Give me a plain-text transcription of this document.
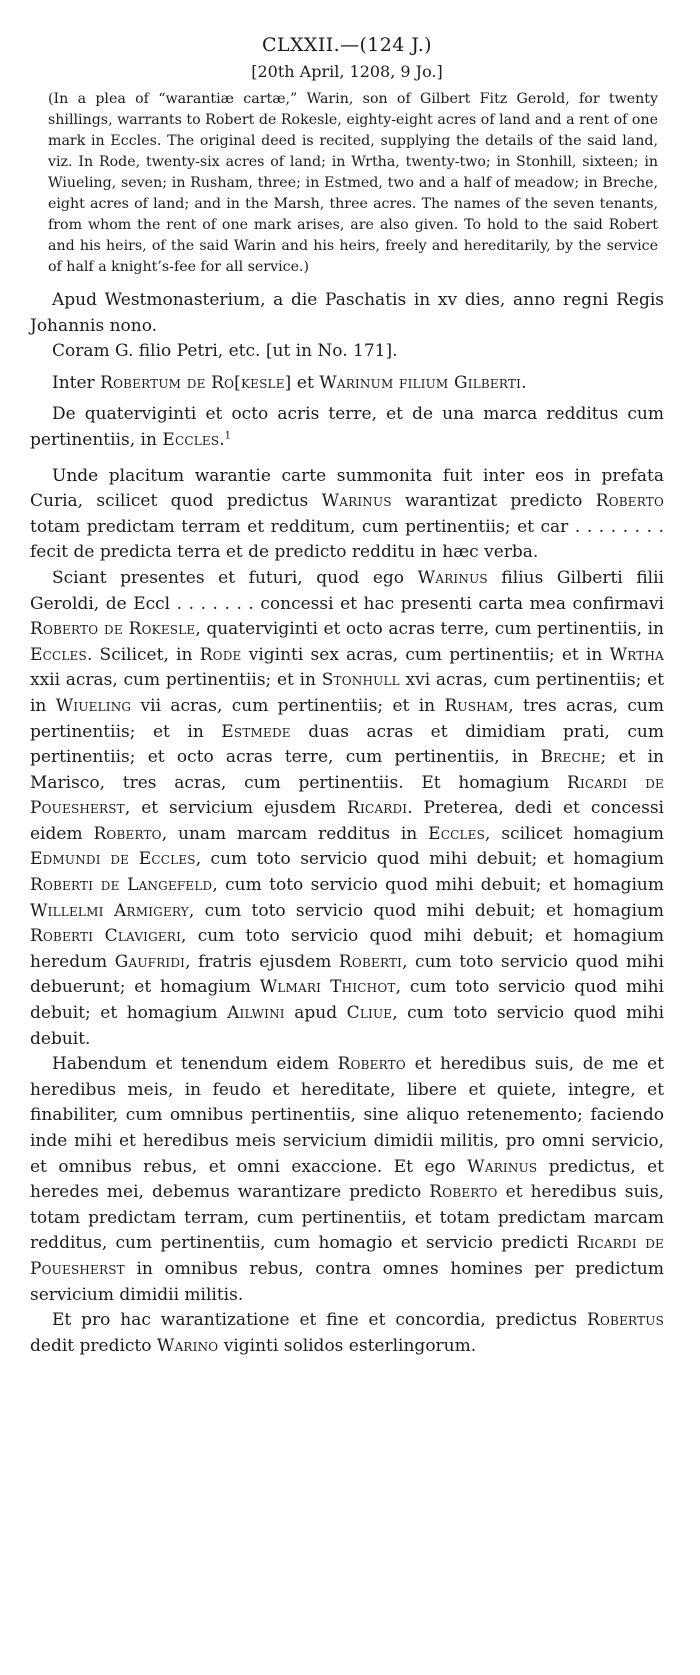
CLXXII.—(124 J.)
[20th April, 1208, 9 Jo.]

(In a plea of “warantiæ cartæ,” Warin, son of Gilbert Fitz Gerold, for twenty shillings, warrants to Robert de Rokesle, eighty-eight acres of land and a rent of one mark in Eccles. The original deed is recited, supplying the details of the said land, viz. In Rode, twenty-six acres of land; in Wrtha, twenty-two; in Stonhill, sixteen; in Wiueling, seven; in Rusham, three; in Estmed, two and a half of meadow; in Breche, eight acres of land; and in the Marsh, three acres. The names of the seven tenants, from whom the rent of one mark arises, are also given. To hold to the said Robert and his heirs, of the said Warin and his heirs, freely and hereditarily, by the service of half a knight’s-fee for all service.)

Apud Westmonasterium, a die Paschatis in xv dies, anno regni Regis Johannis nono.

Coram G. filio Petri, etc. [ut in No. 171].

Inter Robertum de Ro[kesle] et Warinum filium Gilberti.

De quaterviginti et octo acris terre, et de una marca redditus cum pertinentiis, in Eccles.$^1$

Unde placitum warantie carte summonita fuit inter eos in prefata Curia, scilicet quod predictus Warinus warantizat predicto Roberto totam predictam terram et redditum, cum pertinentiis; et car . . . . . . . . fecit de predicta terra et de predicto redditu in hæc verba.

Sciant presentes et futuri, quod ego Warinus filius Gilberti filii Geroldi, de Eccl . . . . . . . concessi et hac presenti carta mea confirmavi Roberto de Rokesle, quaterviginti et octo acras terre, cum pertinentiis, in Eccles. Scilicet, in Rode viginti sex acras, cum pertinentiis; et in Wrtha xxii acras, cum pertinentiis; et in Stonhull xvi acras, cum pertinentiis; et in Wiueling vii acras, cum pertinentiis; et in Rusham, tres acras, cum pertinentiis; et in Estmede duas acras et dimidiam prati, cum pertinentiis; et octo acras terre, cum pertinentiis, in Breche; et in Marisco, tres acras, cum pertinentiis. Et homagium Ricardi de Pouesherst, et servicium ejusdem Ricardi. Preterea, dedi et concessi eidem Roberto, unam marcam redditus in Eccles, scilicet homagium Edmundi de Eccles, cum toto servicio quod mihi debuit; et homagium Roberti de Langefeld, cum toto servicio quod mihi debuit; et homagium Willelmi Armigery, cum toto servicio quod mihi debuit; et homagium Roberti Clavigeri, cum toto servicio quod mihi debuit; et homagium heredum Gaufridi, fratris ejusdem Roberti, cum toto servicio quod mihi debuerunt; et homagium Wlmari Thichot, cum toto servicio quod mihi debuit; et homagium Ailwini apud Cliue, cum toto servicio quod mihi debuit.

Habendum et tenendum eidem Roberto et heredibus suis, de me et heredibus meis, in feudo et hereditate, libere et quiete, integre, et finabiliter, cum omnibus pertinentiis, sine aliquo retenemento; faciendo inde mihi et heredibus meis servicium dimidii militis, pro omni servicio, et omnibus rebus, et omni exaccione. Et ego Warinus predictus, et heredes mei, debemus warantizare predicto Roberto et heredibus suis, totam predictam terram, cum pertinentiis, et totam predictam marcam redditus, cum pertinentiis, cum homagio et servicio predicti Ricardi de Pouesherst in omnibus rebus, contra omnes homines per predictum servicium dimidii militis.

Et pro hac warantizatione et fine et concordia, predictus Robertus dedit predicto Warino viginti solidos esterlingorum.
